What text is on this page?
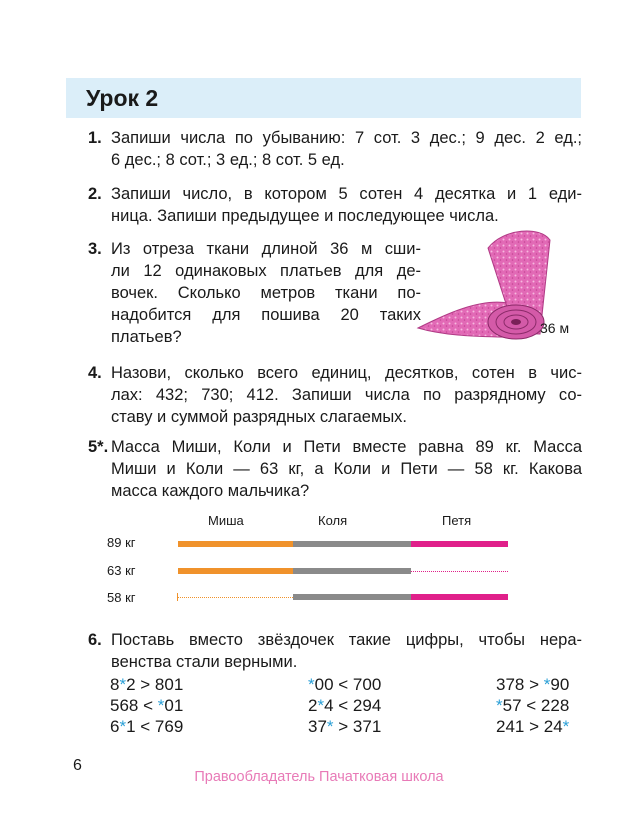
Урок 2
1. Запиши числа по убыванию: 7 сот. 3 дес.; 9 дес. 2 ед.;
6 дес.; 8 сот.; 3 ед.; 8 сот. 5 ед.
2. Запиши число, в котором 5 сотен 4 десятка и 1 еди-
ница. Запиши предыдущее и последующее числа.
3. Из отреза ткани длиной 36 м сши-
ли 12 одинаковых платьев для де-
вочек. Сколько метров ткани по-
надобится для пошива 20 таких
платьев?	36 м
4. Назови, сколько всего единиц, десятков, сотен в чис-
лах: 432; 730; 412. Запиши числа по разрядному со-
ставу и суммой разрядных слагаемых.
5*. Масса Миши, Коли и Пети вместе равна 89 кг. Масса
Миши и Коли — 63 кг, а Коли и Пети — 58 кг. Какова
масса каждого мальчика?
Миша	Коля	Петя
89 кг
63 кг
58 кг
6. Поставь вместо звёздочек такие цифры, чтобы нера-
венства стали верными.
8*2 > 801	*00 < 700	378 > *90
568 < *01	2*4 < 294	*57 < 228
6*1 < 769	37* > 371	241 > 24*
6
Правообладатель Пачатковая школа
